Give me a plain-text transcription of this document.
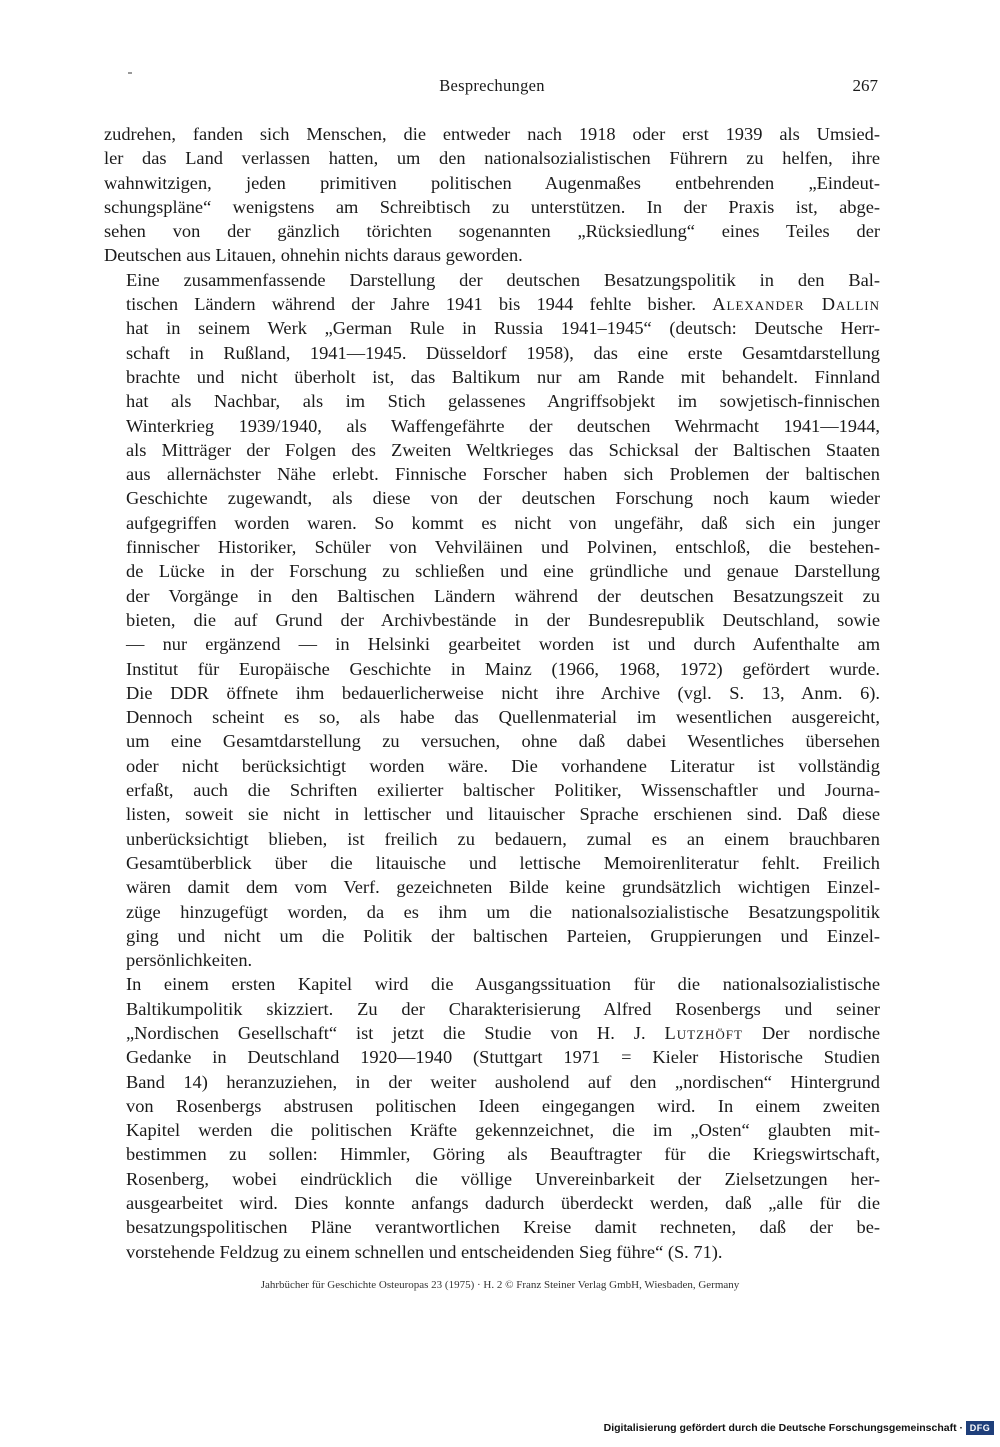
Besprechungen	267
zudrehen, fanden sich Menschen, die entweder nach 1918 oder erst 1939 als Umsied-
ler das Land verlassen hatten, um den nationalsozialistischen Führern zu helfen, ihre
wahnwitzigen, jeden primitiven politischen Augenmaßes entbehrenden „Eindeut-
schungspläne“ wenigstens am Schreibtisch zu unterstützen. In der Praxis ist, abge-
sehen von der gänzlich törichten sogenannten „Rücksiedlung“ eines Teiles der
Deutschen aus Litauen, ohnehin nichts daraus geworden.
Eine zusammenfassende Darstellung der deutschen Besatzungspolitik in den Bal-
tischen Ländern während der Jahre 1941 bis 1944 fehlte bisher. Alexander Dallin
hat in seinem Werk „German Rule in Russia 1941–1945“ (deutsch: Deutsche Herr-
schaft in Rußland, 1941—1945. Düsseldorf 1958), das eine erste Gesamtdarstellung
brachte und nicht überholt ist, das Baltikum nur am Rande mit behandelt. Finnland
hat als Nachbar, als im Stich gelassenes Angriffsobjekt im sowjetisch-finnischen
Winterkrieg 1939/1940, als Waffengefährte der deutschen Wehrmacht 1941—1944,
als Mitträger der Folgen des Zweiten Weltkrieges das Schicksal der Baltischen Staaten
aus allernächster Nähe erlebt. Finnische Forscher haben sich Problemen der baltischen
Geschichte zugewandt, als diese von der deutschen Forschung noch kaum wieder
aufgegriffen worden waren. So kommt es nicht von ungefähr, daß sich ein junger
finnischer Historiker, Schüler von Vehviläinen und Polvinen, entschloß, die bestehen-
de Lücke in der Forschung zu schließen und eine gründliche und genaue Darstellung
der Vorgänge in den Baltischen Ländern während der deutschen Besatzungszeit zu
bieten, die auf Grund der Archivbestände in der Bundesrepublik Deutschland, sowie
— nur ergänzend — in Helsinki gearbeitet worden ist und durch Aufenthalte am
Institut für Europäische Geschichte in Mainz (1966, 1968, 1972) gefördert wurde.
Die DDR öffnete ihm bedauerlicherweise nicht ihre Archive (vgl. S. 13, Anm. 6).
Dennoch scheint es so, als habe das Quellenmaterial im wesentlichen ausgereicht,
um eine Gesamtdarstellung zu versuchen, ohne daß dabei Wesentliches übersehen
oder nicht berücksichtigt worden wäre. Die vorhandene Literatur ist vollständig
erfaßt, auch die Schriften exilierter baltischer Politiker, Wissenschaftler und Journa-
listen, soweit sie nicht in lettischer und litauischer Sprache erschienen sind. Daß diese
unberücksichtigt blieben, ist freilich zu bedauern, zumal es an einem brauchbaren
Gesamtüberblick über die litauische und lettische Memoirenliteratur fehlt. Freilich
wären damit dem vom Verf. gezeichneten Bilde keine grundsätzlich wichtigen Einzel-
züge hinzugefügt worden, da es ihm um die nationalsozialistische Besatzungspolitik
ging und nicht um die Politik der baltischen Parteien, Gruppierungen und Einzel-
persönlichkeiten.
In einem ersten Kapitel wird die Ausgangssituation für die nationalsozialistische
Baltikumpolitik skizziert. Zu der Charakterisierung Alfred Rosenbergs und seiner
„Nordischen Gesellschaft“ ist jetzt die Studie von H. J. Lutzhöft Der nordische
Gedanke in Deutschland 1920—1940 (Stuttgart 1971 = Kieler Historische Studien
Band 14) heranzuziehen, in der weiter ausholend auf den „nordischen“ Hintergrund
von Rosenbergs abstrusen politischen Ideen eingegangen wird. In einem zweiten
Kapitel werden die politischen Kräfte gekennzeichnet, die im „Osten“ glaubten mit-
bestimmen zu sollen: Himmler, Göring als Beauftragter für die Kriegswirtschaft,
Rosenberg, wobei eindrücklich die völlige Unvereinbarkeit der Zielsetzungen her-
ausgearbeitet wird. Dies konnte anfangs dadurch überdeckt werden, daß „alle für die
besatzungspolitischen Pläne verantwortlichen Kreise damit rechneten, daß der be-
vorstehende Feldzug zu einem schnellen und entscheidenden Sieg führe“ (S. 71).
Jahrbücher für Geschichte Osteuropas 23 (1975) · H. 2 © Franz Steiner Verlag GmbH, Wiesbaden, Germany
Digitalisierung gefördert durch die Deutsche Forschungsgemeinschaft · DFG
